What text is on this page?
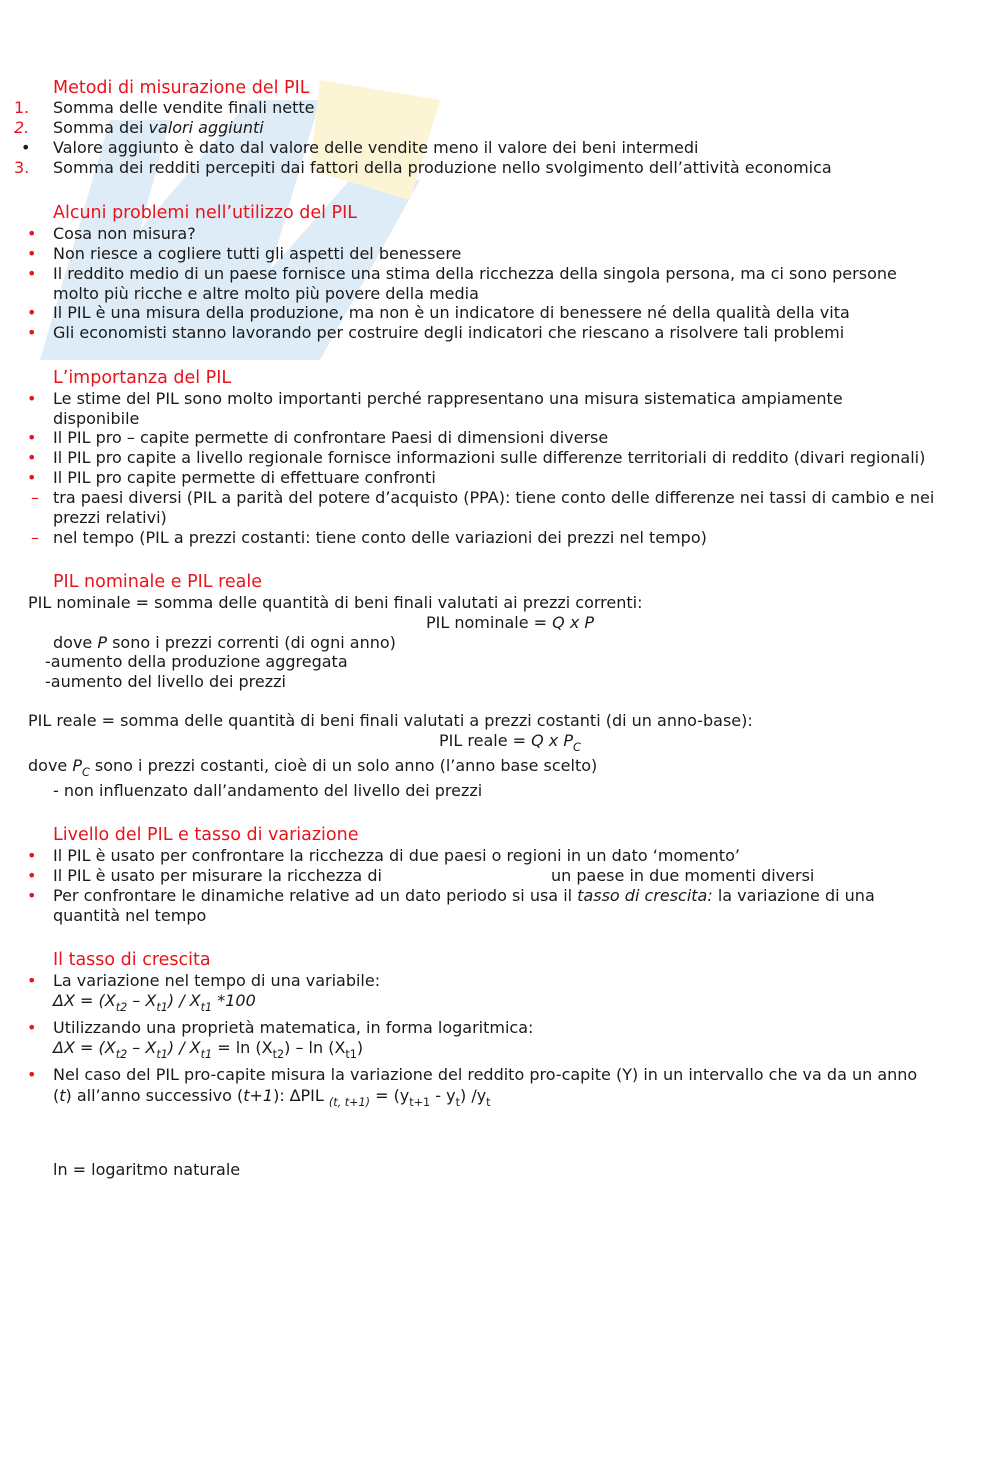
Metodi di misurazione del PIL
1. Somma delle vendite finali nette
2. Somma dei valori aggiunti
• Valore aggiunto è dato dal valore delle vendite meno il valore dei beni intermedi
3. Somma dei redditi percepiti dai fattori della produzione nello svolgimento dell’attività economica
Alcuni problemi nell’utilizzo del PIL
• Cosa non misura?
• Non riesce a cogliere tutti gli aspetti del benessere
• Il reddito medio di un paese fornisce una stima della ricchezza della singola persona, ma ci sono persone
molto più ricche e altre molto più povere della media
• Il PIL è una misura della produzione, ma non è un indicatore di benessere né della qualità della vita
• Gli economisti stanno lavorando per costruire degli indicatori che riescano a risolvere tali problemi
L’importanza del PIL
• Le stime del PIL sono molto importanti perché rappresentano una misura sistematica ampiamente
disponibile
• Il PIL pro – capite permette di confrontare Paesi di dimensioni diverse
• Il PIL pro capite a livello regionale fornisce informazioni sulle differenze territoriali di reddito (divari regionali)
• Il PIL pro capite permette di effettuare confronti
– tra paesi diversi (PIL a parità del potere d’acquisto (PPA): tiene conto delle differenze nei tassi di cambio e nei
prezzi relativi)
– nel tempo (PIL a prezzi costanti: tiene conto delle variazioni dei prezzi nel tempo)
PIL nominale e PIL reale
PIL nominale = somma delle quantità di beni finali valutati ai prezzi correnti:
PIL nominale = Q x P
dove P sono i prezzi correnti (di ogni anno)
-aumento della produzione aggregata
-aumento del livello dei prezzi
PIL reale = somma delle quantità di beni finali valutati a prezzi costanti (di un anno-base):
PIL reale = Q x $P_C$
dove $P_C$ sono i prezzi costanti, cioè di un solo anno (l’anno base scelto)
- non influenzato dall’andamento del livello dei prezzi
Livello del PIL e tasso di variazione
• Il PIL è usato per confrontare la ricchezza di due paesi o regioni in un dato ‘momento’
• Il PIL è usato per misurare la ricchezza di	un paese in due momenti diversi
• Per confrontare le dinamiche relative ad un dato periodo si usa il tasso di crescita: la variazione di una
quantità nel tempo
Il tasso di crescita
• La variazione nel tempo di una variabile:
$\Delta X = (X_{t2} - X_{t1}) / X_{t1}$ *100
• Utilizzando una proprietà matematica, in forma logaritmica:
$\Delta X = (X_{t2} - X_{t1}) / X_{t1} = \ln (X_{t2}) - \ln (X_{t1})$
• Nel caso del PIL pro-capite misura la variazione del reddito pro-capite (Y) in un intervallo che va da un anno
(t) all’anno successivo (t+1): ∆PIL $_{(t, t+1)} = (y_{t+1} - y_t)$ $/y_t$
ln = logaritmo naturale
